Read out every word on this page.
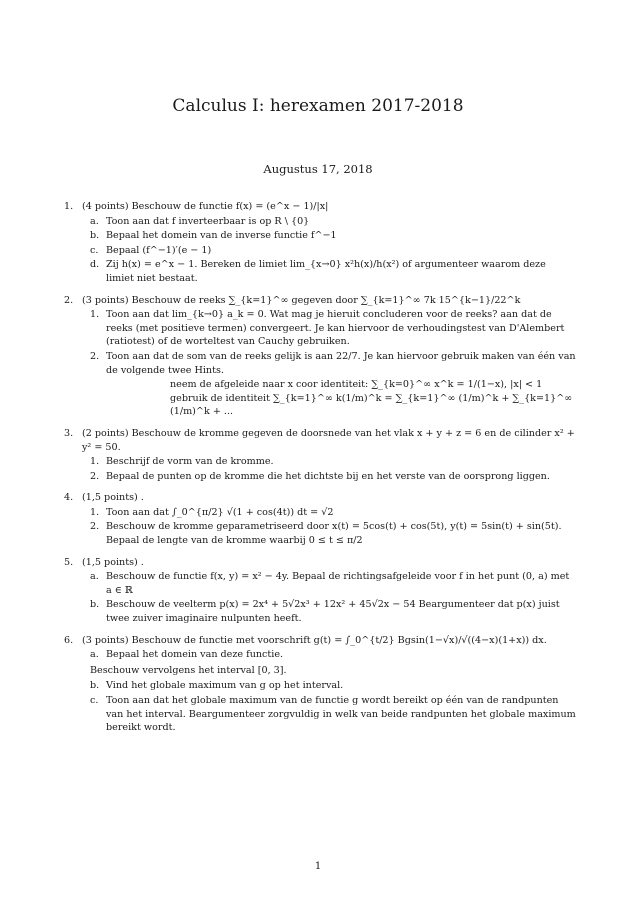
Calculus I: herexamen 2017-2018
Augustus 17, 2018
1. (4 points) Beschouw de functie f(x) = (e^x − 1)/|x|
a. Toon aan dat f inverteerbaar is op R \ {0}
b. Bepaal het domein van de inverse functie f^−1
c. Bepaal (f^−1)′(e − 1)
d. Zij h(x) = e^x − 1. Bereken de limiet lim_{x→0} x²h(x)/h(x²) of argumenteer waarom deze limiet niet bestaat.
2. (3 points) Beschouw de reeks ∑_{k=1}^∞ gegeven door ∑_{k=1}^∞ 7k 15^{k−1}/22^k
1. Toon aan dat lim_{k→0} a_k = 0. Wat mag je hieruit concluderen voor de reeks? aan dat de reeks (met positieve termen) convergeert. Je kan hiervoor de verhoudingstest van D'Alembert (ratiotest) of de worteltest van Cauchy gebruiken.
2. Toon aan dat de som van de reeks gelijk is aan 22/7. Je kan hiervoor gebruik maken van één van de volgende twee Hints.
neem de afgeleide naar x coor identiteit: ∑_{k=0}^∞ x^k = 1/(1−x), |x| < 1
gebruik de identiteit ∑_{k=1}^∞ k(1/m)^k = ∑_{k=1}^∞ (1/m)^k + ∑_{k=1}^∞ (1/m)^k + ...
3. (2 points) Beschouw de kromme gegeven de doorsnede van het vlak x + y + z = 6 en de cilinder x² + y² = 50.
1. Beschrijf de vorm van de kromme.
2. Bepaal de punten op de kromme die het dichtste bij en het verste van de oorsprong liggen.
4. (1,5 points) .
1. Toon aan dat ∫_0^{π/2} √(1 + cos(4t)) dt = √2
2. Beschouw de kromme geparametriseerd door x(t) = 5cos(t) + cos(5t), y(t) = 5sin(t) + sin(5t). Bepaal de lengte van de kromme waarbij 0 ≤ t ≤ π/2
5. (1,5 points) .
a. Beschouw de functie f(x, y) = x² − 4y. Bepaal de richtingsafgeleide voor f in het punt (0, a) met a ∈ ℝ
b. Beschouw de veelterm p(x) = 2x⁴ + 5√2x³ + 12x² + 45√2x − 54 Beargumenteer dat p(x) juist twee zuiver imaginaire nulpunten heeft.
6. (3 points) Beschouw de functie met voorschrift g(t) = ∫_0^{t/2} Bgsin(1−√x)/√((4−x)(1+x)) dx.
a. Bepaal het domein van deze functie.
Beschouw vervolgens het interval [0, 3].
b. Vind het globale maximum van g op het interval.
c. Toon aan dat het globale maximum van de functie g wordt bereikt op één van de randpunten van het interval. Beargumenteer zorgvuldig in welk van beide randpunten het globale maximum bereikt wordt.
1
